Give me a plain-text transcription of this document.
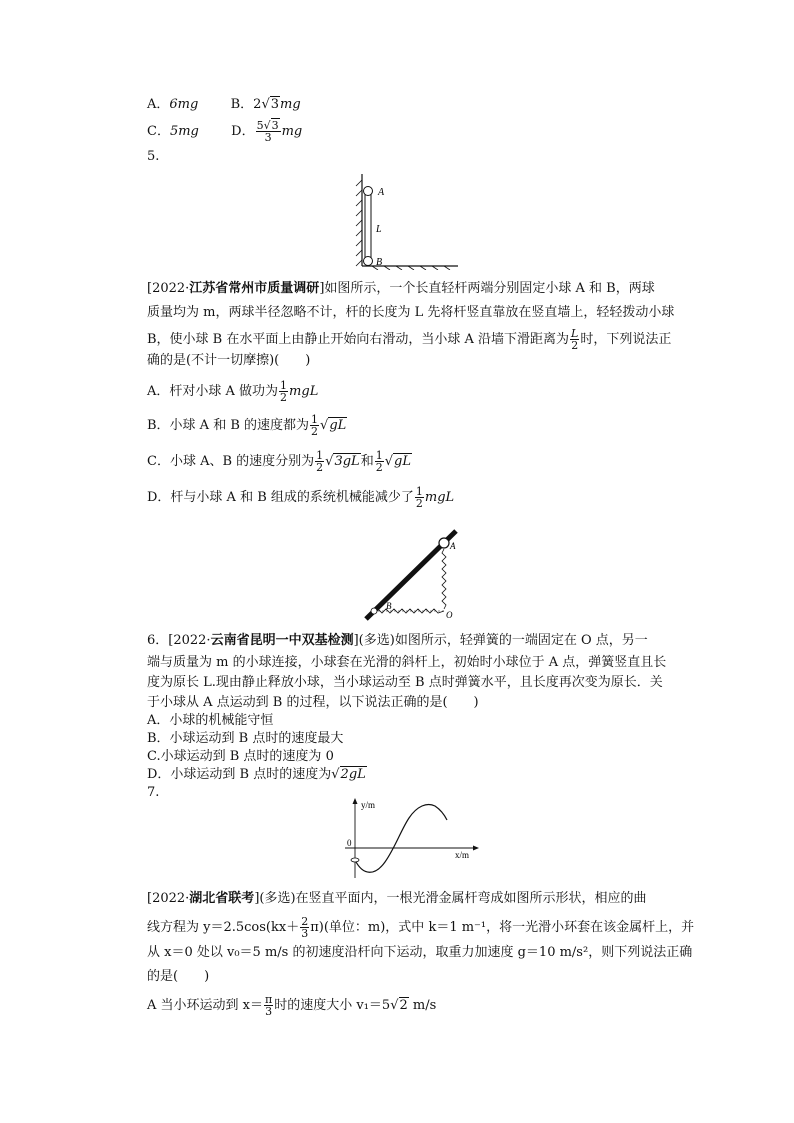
A．6mg B．2√3mg
C．5mg D． $\frac{5√3}{3}$ mg
5.
A
L
B
[2022·江苏省常州市质量调研]如图所示，一个长直轻杆两端分别固定小球 A 和 B，两球
质量均为 m，两球半径忽略不计，杆的长度为 L 先将杆竖直靠放在竖直墙上，轻轻拨动小球
B，使小球 B 在水平面上由静止开始向右滑动，当小球 A 沿墙下滑距离为 $\frac{L}{2}$ 时，下列说法正
确的是(不计一切摩擦)(　　)
A．杆对小球 A 做功为 $\frac{1}{2}$ mgL
B．小球 A 和 B 的速度都为 $\frac{1}{2} √gL$
C．小球 A、B 的速度分别为 $\frac{1}{2} √3gL$和 $\frac{1}{2} √gL$
D．杆与小球 A 和 B 组成的系统机械能减少了 $\frac{1}{2}$ mgL
A
B
O
6．[2022·云南省昆明一中双基检测](多选)如图所示，轻弹簧的一端固定在 O 点，另一
端与质量为 m 的小球连接，小球套在光滑的斜杆上，初始时小球位于 A 点，弹簧竖直且长
度为原长 L.现由静止释放小球，当小球运动至 B 点时弹簧水平，且长度再次变为原长．关
于小球从 A 点运动到 B 的过程，以下说法正确的是(　　)
A．小球的机械能守恒
B．小球运动到 B 点时的速度最大
C.小球运动到 B 点时的速度为 0
D．小球运动到 B 点时的速度为√2gL
7.
y/m
x/m
0
[2022·湖北省联考](多选)在竖直平面内，一根光滑金属杆弯成如图所示形状，相应的曲
线方程为 $y=2.5\cos(kx+ \frac{2}{3} \pi)$(单位：m)，式中 k＝1 m⁻¹，将一光滑小环套在该金属杆上，并
从 x＝0 处以 v₀＝5 m/s 的初速度沿杆向下运动，取重力加速度 g＝10 m/s²，则下列说法正确
的是(　　)
A 当小环运动到 $x= \frac{\pi}{3}$ 时的速度大小 v₁＝5√2 m/s
